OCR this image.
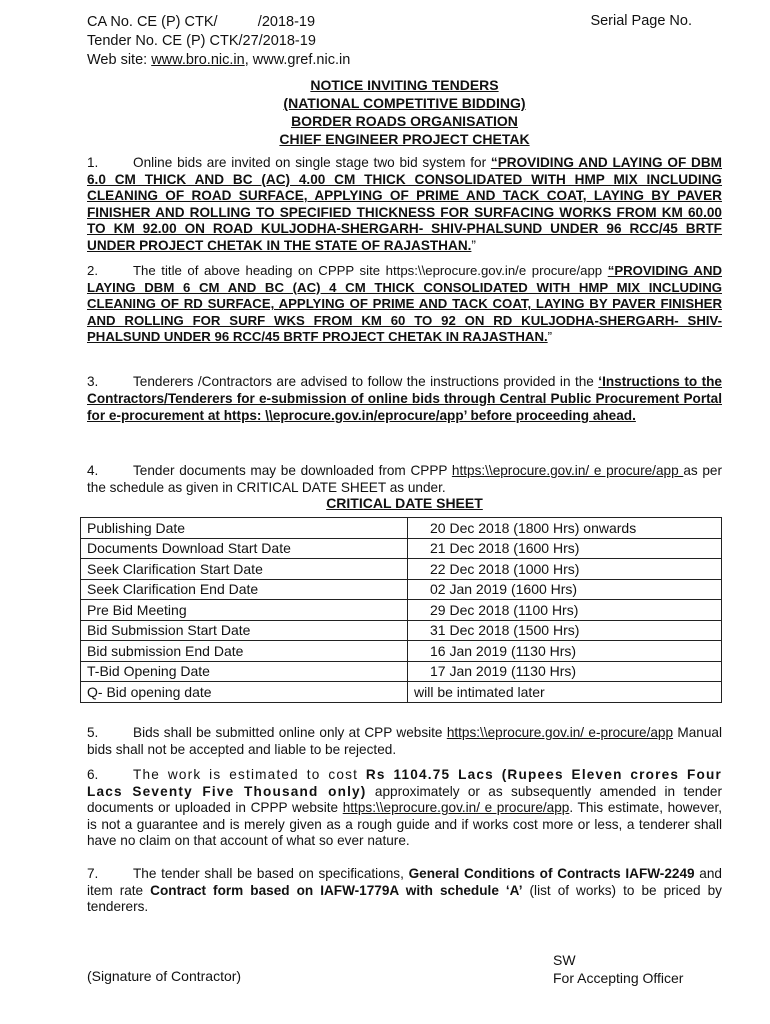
CA No. CE (P) CTK/          /2018-19
Tender No. CE (P) CTK/27/2018-19
Web site: www.bro.nic.in, www.gref.nic.in
Serial Page No.
NOTICE INVITING TENDERS
(NATIONAL COMPETITIVE BIDDING)
BORDER ROADS ORGANISATION
CHIEF ENGINEER PROJECT CHETAK
1.	Online bids are invited on single stage two bid system for “PROVIDING AND LAYING OF DBM 6.0 CM THICK AND BC (AC) 4.00 CM THICK CONSOLIDATED WITH HMP MIX INCLUDING CLEANING OF ROAD SURFACE, APPLYING OF PRIME AND TACK COAT, LAYING BY PAVER FINISHER AND ROLLING TO SPECIFIED THICKNESS FOR SURFACING WORKS FROM KM 60.00 TO KM 92.00 ON ROAD KULJODHA-SHERGARH- SHIV-PHALSUND UNDER 96 RCC/45 BRTF UNDER PROJECT CHETAK IN THE STATE OF RAJASTHAN.”
2.	The title of above heading on CPPP site https:\\eprocure.gov.in/e procure/app “PROVIDING AND LAYING DBM 6 CM AND BC (AC) 4 CM THICK CONSOLIDATED WITH HMP MIX INCLUDING CLEANING OF RD SURFACE, APPLYING OF PRIME AND TACK COAT, LAYING BY PAVER FINISHER AND ROLLING FOR SURF WKS FROM KM 60 TO 92 ON RD KULJODHA-SHERGARH- SHIV-PHALSUND UNDER 96 RCC/45 BRTF PROJECT CHETAK IN RAJASTHAN.”
3.	Tenderers /Contractors are advised to follow the instructions provided in the ‘Instructions to the Contractors/Tenderers for e-submission of online bids through Central Public Procurement Portal for e-procurement at https: \\eprocure.gov.in/eprocure/app’ before proceeding ahead.
4.	Tender documents may be downloaded from CPPP https:\\eprocure.gov.in/ e procure/app as per the schedule as given in CRITICAL DATE SHEET as under.
CRITICAL DATE SHEET
Publishing Date	20 Dec 2018 (1800 Hrs) onwards
Documents Download Start Date	21 Dec 2018 (1600 Hrs)
Seek Clarification Start Date	22 Dec 2018 (1000 Hrs)
Seek Clarification End Date	02 Jan 2019 (1600 Hrs)
Pre Bid Meeting	29 Dec 2018 (1100 Hrs)
Bid Submission Start Date	31 Dec 2018 (1500 Hrs)
Bid submission End Date	16 Jan 2019 (1130 Hrs)
T-Bid Opening Date	17 Jan 2019 (1130 Hrs)
Q- Bid opening date	will be intimated later
5.	Bids shall be submitted online only at CPP website https:\\eprocure.gov.in/ e-procure/app Manual bids shall not be accepted and liable to be rejected.
6.	The work is estimated to cost Rs 1104.75 Lacs (Rupees Eleven crores Four Lacs Seventy Five Thousand only) approximately or as subsequently amended in tender documents or uploaded in CPPP website https:\\eprocure.gov.in/ e procure/app. This estimate, however, is not a guarantee and is merely given as a rough guide and if works cost more or less, a tenderer shall have no claim on that account of what so ever nature.
7.	The tender shall be based on specifications, General Conditions of Contracts IAFW-2249 and item rate Contract form based on IAFW-1779A with schedule ‘A’ (list of works) to be priced by tenderers.
(Signature of Contractor)
SW
For Accepting Officer
